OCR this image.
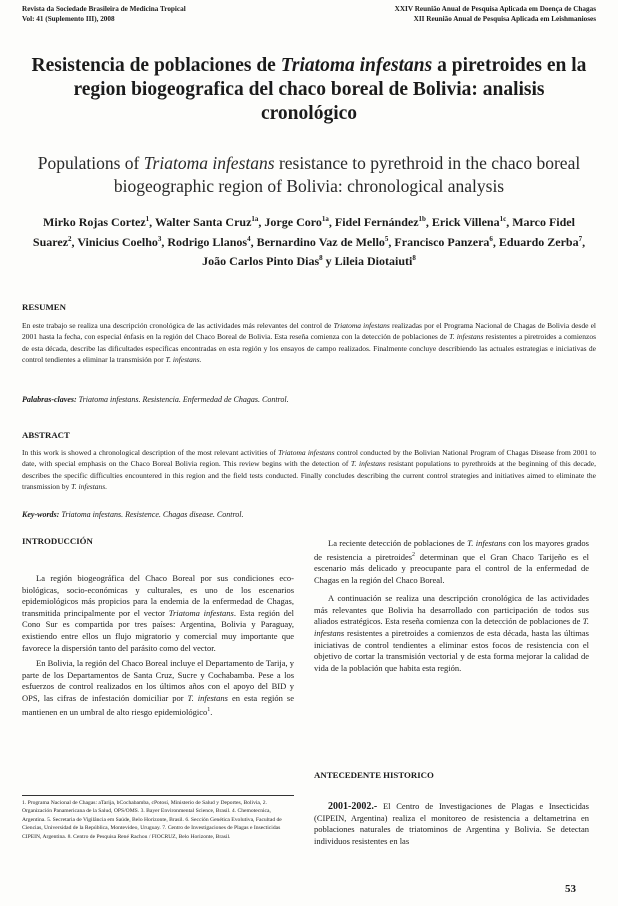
Revista da Sociedade Brasileira de Medicina Tropical
Vol: 41 (Suplemento III), 2008
XXIV Reunião Anual de Pesquisa Aplicada em Doença de Chagas
XII Reunião Anual de Pesquisa Aplicada em Leishmanioses
Resistencia de poblaciones de Triatoma infestans a piretroides en la region biogeografica del chaco boreal de Bolivia: analisis cronológico
Populations of Triatoma infestans resistance to pyrethroid in the chaco boreal biogeographic region of Bolivia: chronological analysis
Mirko Rojas Cortez$^1$, Walter Santa Cruz$^{1a}$, Jorge Coro$^{1a}$, Fidel Fernández$^{1b}$, Erick Villena$^{1c}$, Marco Fidel Suarez$^2$, Vinicius Coelho$^3$, Rodrigo Llanos$^4$, Bernardino Vaz de Mello$^5$, Francisco Panzera$^6$, Eduardo Zerba$^7$, João Carlos Pinto Dias$^8$ y Lileia Diotaiuti$^8$
RESUMEN
En este trabajo se realiza una descripción cronológica de las actividades más relevantes del control de Triatoma infestans realizadas por el Programa Nacional de Chagas de Bolivia desde el 2001 hasta la fecha, con especial énfasis en la región del Chaco Boreal de Bolivia. Esta reseña comienza con la detección de poblaciones de T. infestans resistentes a piretroides a comienzos de esta década, describe las dificultades específicas encontradas en esta región y los ensayos de campo realizados. Finalmente concluye describiendo las actuales estrategias e iniciativas de control tendientes a eliminar la transmisión por T. infestans.
Palabras-claves: Triatoma infestans. Resistencia. Enfermedad de Chagas. Control.
ABSTRACT
In this work is showed a chronological description of the most relevant activities of Triatoma infestans control conducted by the Bolivian National Program of Chagas Disease from 2001 to date, with special emphasis on the Chaco Boreal Bolivia region. This review begins with the detection of T. infestans resistant populations to pyrethroids at the beginning of this decade, describes the specific difficulties encountered in this region and the field tests conducted. Finally concludes describing the current control strategies and initiatives aimed to eliminate the transmission by T. infestans.
Key-words: Triatoma infestans. Resistence. Chagas disease. Control.
INTRODUCCIÓN

La región biogeográfica del Chaco Boreal por sus condiciones eco-biológicas, socio-económicas y culturales, es uno de los escenarios epidemiológicos más propicios para la endemia de la enfermedad de Chagas, transmitida principalmente por el vector Triatoma infestans. Esta región del Cono Sur es compartida por tres países: Argentina, Bolivia y Paraguay, existiendo entre ellos un flujo migratorio y comercial muy importante que favorece la dispersión tanto del parásito como del vector.

En Bolivia, la región del Chaco Boreal incluye el Departamento de Tarija, y parte de los Departamentos de Santa Cruz, Sucre y Cochabamba. Pese a los esfuerzos de control realizados en los últimos años con el apoyo del BID y OPS, las cifras de infestación domiciliar por T. infestans en esta región se mantienen en un umbral de alto riesgo epidemiológico$^1$.

1. Programa Nacional de Chagas: aTarija, bCochabamba, cPotosí, Ministerio de Salud y Deportes, Bolivia, 2. Organización Panamericana de la Salud, OPS/OMS. 3. Bayer Environmental Science, Brasil. 4. Chemotecnica, Argentina. 5. Secretaria de Vigilância em Saúde, Belo Horizonte, Brasil. 6. Sección Genética Evolutiva, Facultad de Ciencias, Universidad de la República, Montevideo, Uruguay. 7. Centro de Investigaciones de Plagas e Insecticidas CIPEIN, Argentina. 8. Centro de Pesquisa René Rachou / FIOCRUZ, Belo Horizonte, Brasil.

La reciente detección de poblaciones de T. infestans con los mayores grados de resistencia a piretroides$^2$ determinan que el Gran Chaco Tarijeño es el escenario más delicado y preocupante para el control de la enfermedad de Chagas en la región del Chaco Boreal.

A continuación se realiza una descripción cronológica de las actividades más relevantes que Bolivia ha desarrollado con participación de todos sus aliados estratégicos. Esta reseña comienza con la detección de poblaciones de T. infestans resistentes a piretroides a comienzos de esta década, hasta las últimas iniciativas de control tendientes a eliminar estos focos de resistencia con el objetivo de cortar la transmisión vectorial y de esta forma mejorar la calidad de vida de la población que habita esta región.

ANTECEDENTE HISTORICO

2001-2002.- El Centro de Investigaciones de Plagas e Insecticidas (CIPEIN, Argentina) realiza el monitoreo de resistencia a deltametrina en poblaciones naturales de triatominos de Argentina y Bolivia. Se detectan individuos resistentes en las

53
